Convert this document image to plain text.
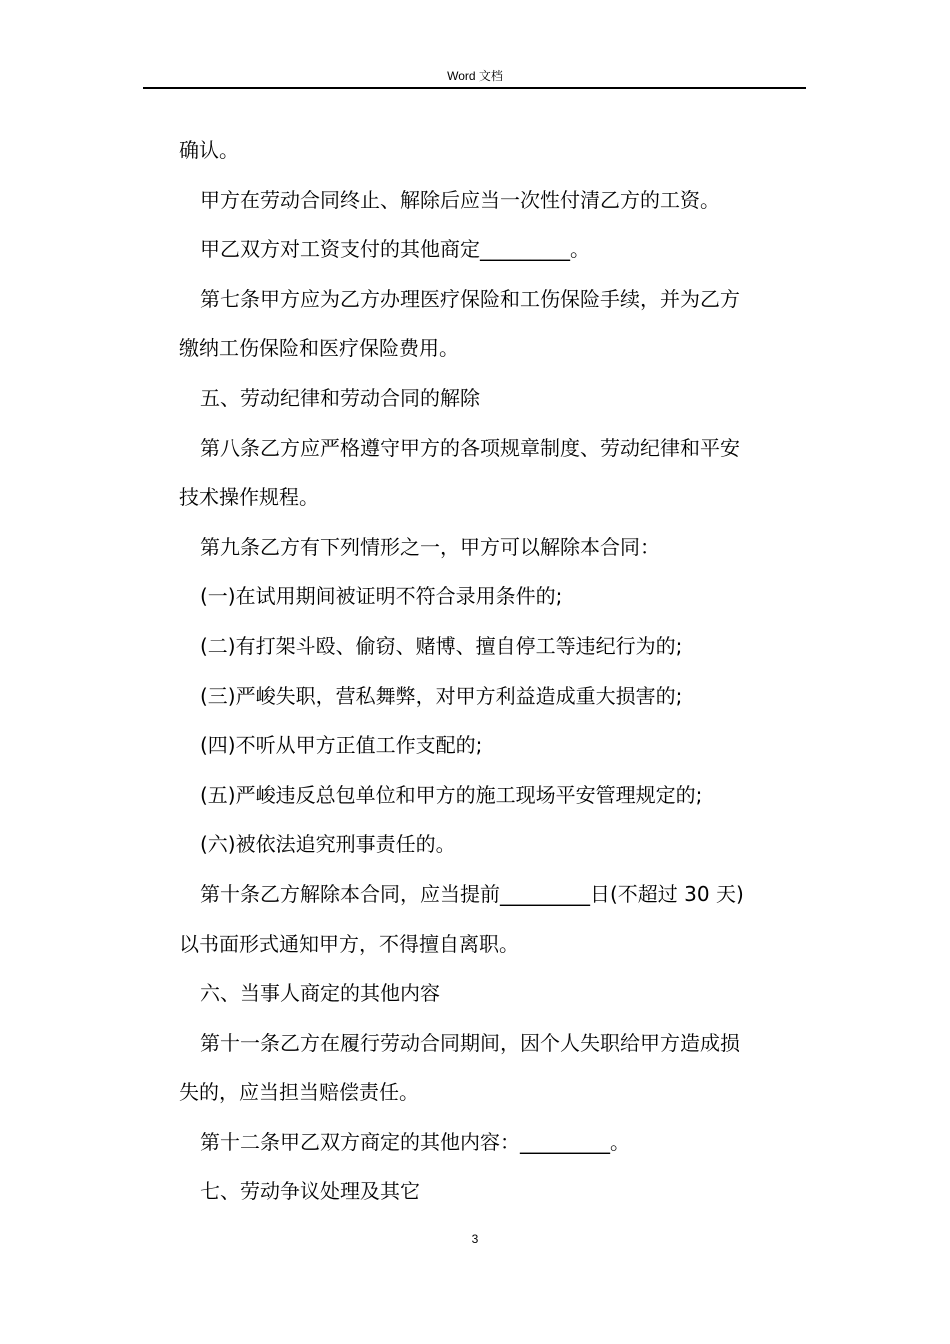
Word 文档

确认。

甲方在劳动合同终止、解除后应当一次性付清乙方的工资。

甲乙双方对工资支付的其他商定_________。

第七条甲方应为乙方办理医疗保险和工伤保险手续，并为乙方

缴纳工伤保险和医疗保险费用。

五、劳动纪律和劳动合同的解除

第八条乙方应严格遵守甲方的各项规章制度、劳动纪律和平安

技术操作规程。

第九条乙方有下列情形之一，甲方可以解除本合同：

(一)在试用期间被证明不符合录用条件的;

(二)有打架斗殴、偷窃、赌博、擅自停工等违纪行为的;

(三)严峻失职，营私舞弊，对甲方利益造成重大损害的;

(四)不听从甲方正值工作支配的;

(五)严峻违反总包单位和甲方的施工现场平安管理规定的;

(六)被依法追究刑事责任的。

第十条乙方解除本合同，应当提前_________日(不超过 30 天)

以书面形式通知甲方，不得擅自离职。

六、当事人商定的其他内容

第十一条乙方在履行劳动合同期间，因个人失职给甲方造成损

失的，应当担当赔偿责任。

第十二条甲乙双方商定的其他内容：_________。

七、劳动争议处理及其它

3
